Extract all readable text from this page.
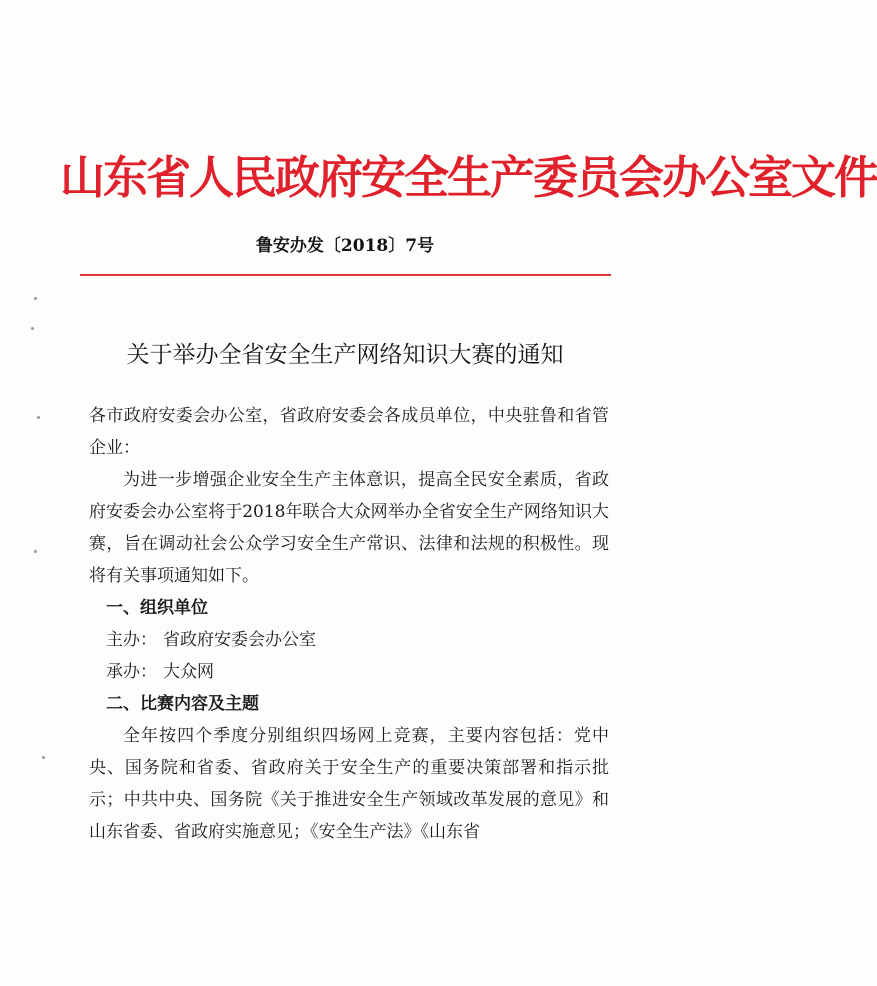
山东省人民政府安全生产委员会办公室文件
鲁安办发〔2018〕7号
关于举办全省安全生产网络知识大赛的通知

各市政府安委会办公室，省政府安委会各成员单位，中央驻鲁和省管企业：

为进一步增强企业安全生产主体意识，提高全民安全素质，省政府安委会办公室将于2018年联合大众网举办全省安全生产网络知识大赛，旨在调动社会公众学习安全生产常识、法律和法规的积极性。现将有关事项通知如下。

一、组织单位

主办： 省政府安委会办公室

承办： 大众网

二、比赛内容及主题

全年按四个季度分别组织四场网上竞赛，主要内容包括：党中央、国务院和省委、省政府关于安全生产的重要决策部署和指示批示；中共中央、国务院《关于推进安全生产领域改革发展的意见》和山东省委、省政府实施意见；《安全生产法》《山东省
